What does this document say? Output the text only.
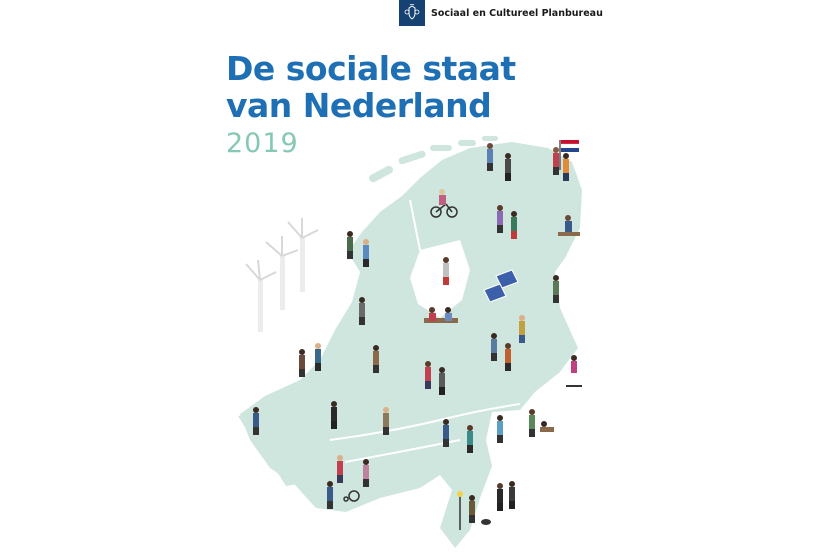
Sociaal en Cultureel Planbureau
De sociale staat
van Nederland

2019
